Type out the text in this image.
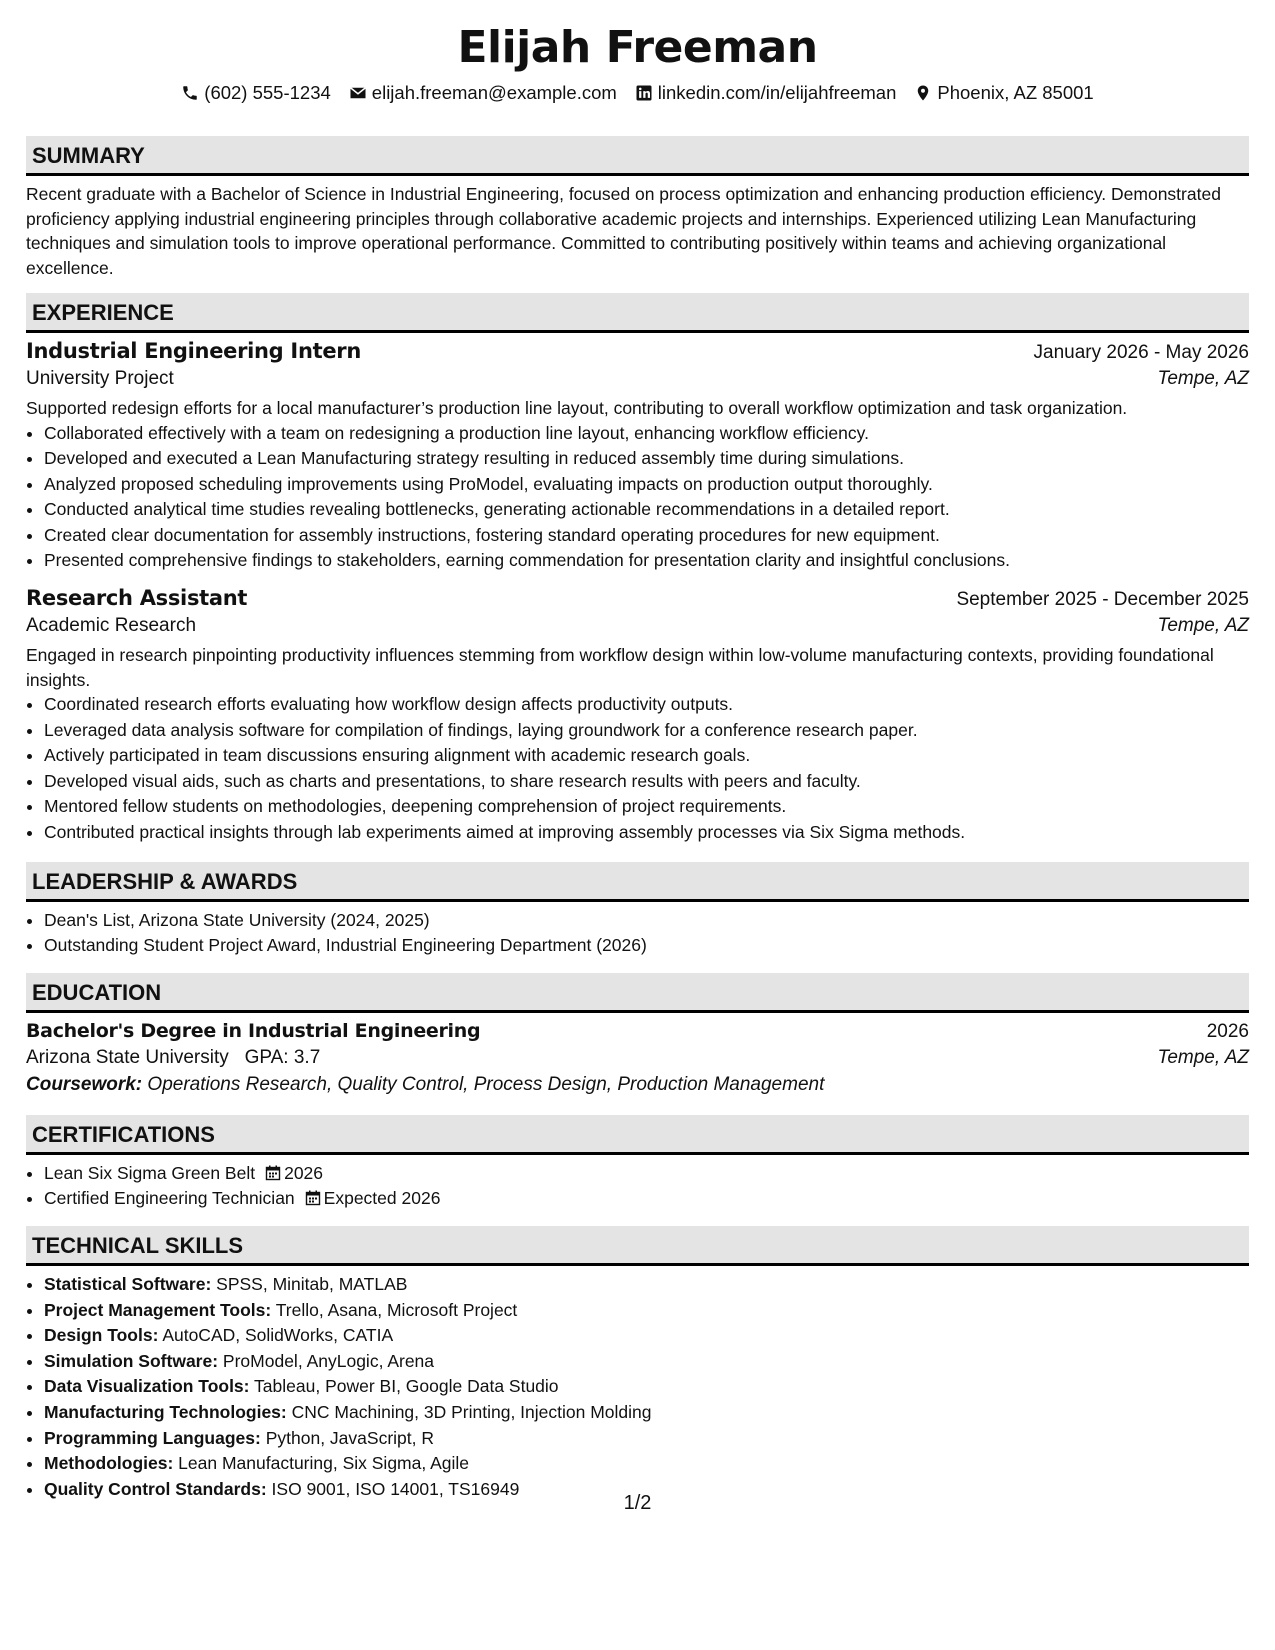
Elijah Freeman
(602) 555-1234 elijah.freeman@example.com linkedin.com/in/elijahfreeman Phoenix, AZ 85001
SUMMARY

Recent graduate with a Bachelor of Science in Industrial Engineering, focused on process optimization and enhancing production efficiency. Demonstrated proficiency applying industrial engineering principles through collaborative academic projects and internships. Experienced utilizing Lean Manufacturing techniques and simulation tools to improve operational performance. Committed to contributing positively within teams and achieving organizational excellence.

EXPERIENCE
Industrial Engineering Intern	January 2026 - May 2026
University Project	Tempe, AZ

Supported redesign efforts for a local manufacturer’s production line layout, contributing to overall workflow optimization and task organization.

• Collaborated effectively with a team on redesigning a production line layout, enhancing workflow efficiency.
• Developed and executed a Lean Manufacturing strategy resulting in reduced assembly time during simulations.
• Analyzed proposed scheduling improvements using ProModel, evaluating impacts on production output thoroughly.
• Conducted analytical time studies revealing bottlenecks, generating actionable recommendations in a detailed report.
• Created clear documentation for assembly instructions, fostering standard operating procedures for new equipment.
• Presented comprehensive findings to stakeholders, earning commendation for presentation clarity and insightful conclusions.
Research Assistant	September 2025 - December 2025
Academic Research	Tempe, AZ

Engaged in research pinpointing productivity influences stemming from workflow design within low-volume manufacturing contexts, providing foundational insights.

• Coordinated research efforts evaluating how workflow design affects productivity outputs.
• Leveraged data analysis software for compilation of findings, laying groundwork for a conference research paper.
• Actively participated in team discussions ensuring alignment with academic research goals.
• Developed visual aids, such as charts and presentations, to share research results with peers and faculty.
• Mentored fellow students on methodologies, deepening comprehension of project requirements.
• Contributed practical insights through lab experiments aimed at improving assembly processes via Six Sigma methods.
LEADERSHIP & AWARDS
• Dean's List, Arizona State University (2024, 2025)
• Outstanding Student Project Award, Industrial Engineering Department (2026)
EDUCATION
Bachelor's Degree in Industrial Engineering	2026
Arizona State University GPA: 3.7	Tempe, AZ
Coursework: Operations Research, Quality Control, Process Design, Production Management
CERTIFICATIONS
• Lean Six Sigma Green Belt 2026
• Certified Engineering Technician Expected 2026
TECHNICAL SKILLS
• Statistical Software: SPSS, Minitab, MATLAB
• Project Management Tools: Trello, Asana, Microsoft Project
• Design Tools: AutoCAD, SolidWorks, CATIA
• Simulation Software: ProModel, AnyLogic, Arena
• Data Visualization Tools: Tableau, Power BI, Google Data Studio
• Manufacturing Technologies: CNC Machining, 3D Printing, Injection Molding
• Programming Languages: Python, JavaScript, R
• Methodologies: Lean Manufacturing, Six Sigma, Agile
• Quality Control Standards: ISO 9001, ISO 14001, TS16949
1/2
